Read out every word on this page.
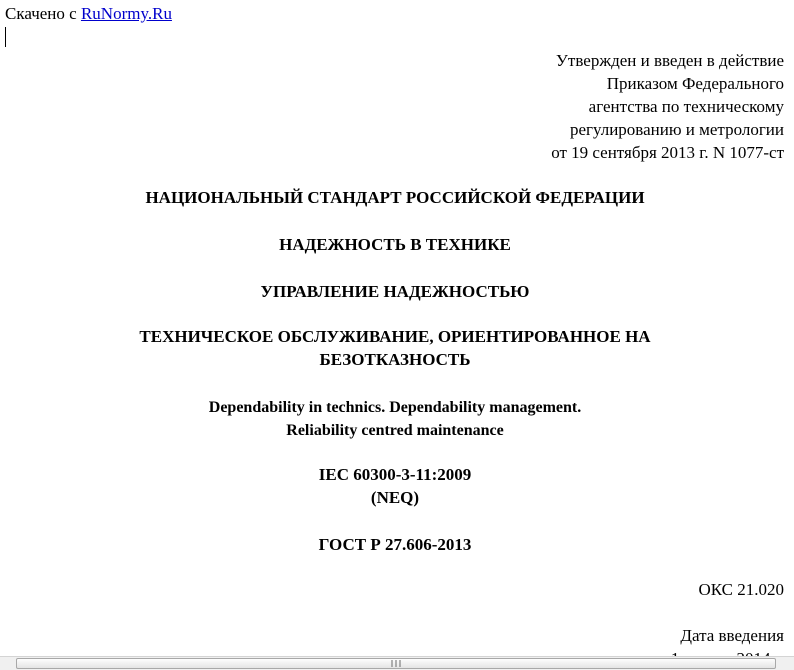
Скачено с RuNormy.Ru
Утвержден и введен в действие
Приказом Федерального
агентства по техническому
регулированию и метрологии
от 19 сентября 2013 г. N 1077-ст
НАЦИОНАЛЬНЫЙ СТАНДАРТ РОССИЙСКОЙ ФЕДЕРАЦИИ
НАДЕЖНОСТЬ В ТЕХНИКЕ
УПРАВЛЕНИЕ НАДЕЖНОСТЬЮ
ТЕХНИЧЕСКОЕ ОБСЛУЖИВАНИЕ, ОРИЕНТИРОВАННОЕ НА
БЕЗОТКАЗНОСТЬ
Dependability in technics. Dependability management.
Reliability centred maintenance
IEC 60300-3-11:2009
(NEQ)
ГОСТ Р 27.606-2013
ОКС 21.020
Дата введения
